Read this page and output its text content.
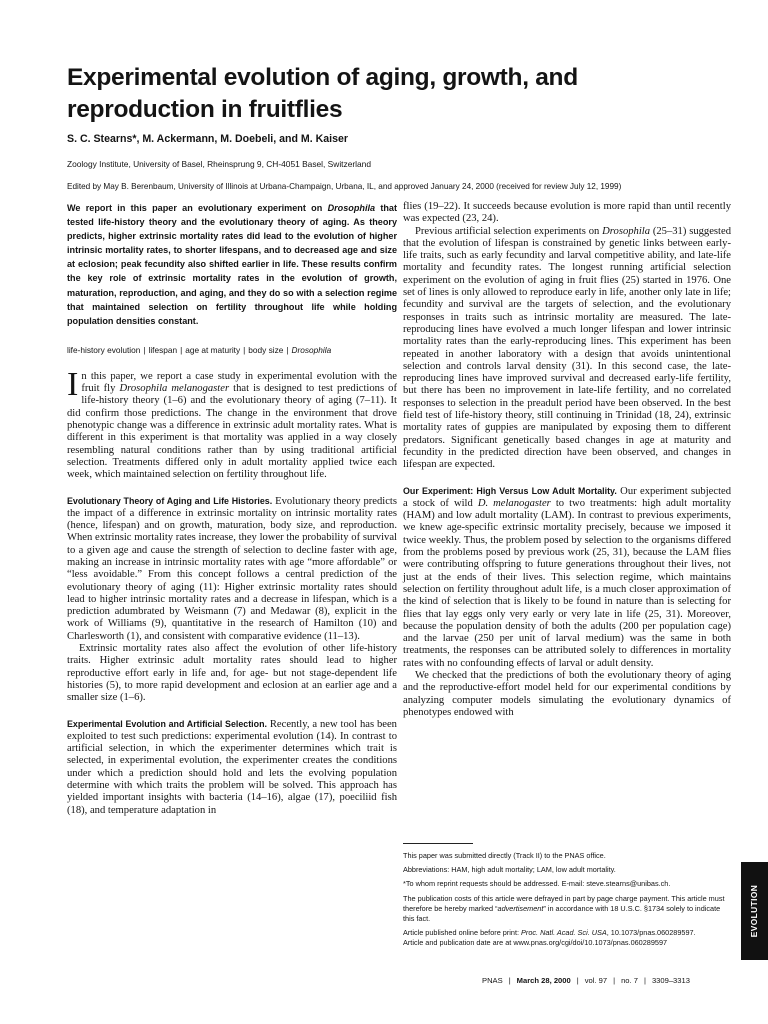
Experimental evolution of aging, growth, and reproduction in fruitflies
S. C. Stearns*, M. Ackermann, M. Doebeli, and M. Kaiser
Zoology Institute, University of Basel, Rheinsprung 9, CH-4051 Basel, Switzerland
Edited by May B. Berenbaum, University of Illinois at Urbana-Champaign, Urbana, IL, and approved January 24, 2000 (received for review July 12, 1999)

We report in this paper an evolutionary experiment on Drosophila that tested life-history theory and the evolutionary theory of aging. As theory predicts, higher extrinsic mortality rates did lead to the evolution of higher intrinsic mortality rates, to shorter lifespans, and to decreased age and size at eclosion; peak fecundity also shifted earlier in life. These results confirm the key role of extrinsic mortality rates in the evolution of growth, maturation, reproduction, and aging, and they do so with a selection regime that maintained selection on fertility throughout life while holding population densities constant.

life-history evolution | lifespan | age at maturity | body size | Drosophila

In this paper, we report a case study in experimental evolution with the fruit fly Drosophila melanogaster that is designed to test predictions of life-history theory (1–6) and the evolutionary theory of aging (7–11). It did confirm those predictions. The change in the environment that drove phenotypic change was a difference in extrinsic adult mortality rates. What is different in this experiment is that mortality was applied in a way closely resembling natural conditions rather than by using traditional artificial selection. Treatments differed only in adult mortality applied twice each week, which maintained selection on fertility throughout life.

Evolutionary Theory of Aging and Life Histories. Evolutionary theory predicts the impact of a difference in extrinsic mortality on intrinsic mortality rates (hence, lifespan) and on growth, maturation, body size, and reproduction. When extrinsic mortality rates increase, they lower the probability of survival to a given age and cause the strength of selection to decline faster with age, making an increase in intrinsic mortality rates with age “more affordable” or “less avoidable.” From this concept follows a central prediction of the evolutionary theory of aging (11): Higher extrinsic mortality rates should lead to higher intrinsic mortality rates and a decrease in lifespan, which is a prediction adumbrated by Weismann (7) and Medawar (8), explicit in the work of Williams (9), quantitative in the research of Hamilton (10) and Charlesworth (1), and consistent with comparative evidence (11–13).

Extrinsic mortality rates also affect the evolution of other life-history traits. Higher extrinsic adult mortality rates should lead to higher reproductive effort early in life and, for age- but not stage-dependent life histories (5), to more rapid development and eclosion at an earlier age and a smaller size (1–6).

Experimental Evolution and Artificial Selection. Recently, a new tool has been exploited to test such predictions: experimental evolution (14). In contrast to artificial selection, in which the experimenter determines which trait is selected, in experimental evolution, the experimenter creates the conditions under which a prediction should hold and lets the evolving population determine with which traits the problem will be solved. This approach has yielded important insights with bacteria (14–16), algae (17), poeciliid fish (18), and temperature adaptation in

flies (19–22). It succeeds because evolution is more rapid than until recently was expected (23, 24).

Previous artificial selection experiments on Drosophila (25–31) suggested that the evolution of lifespan is constrained by genetic links between early-life traits, such as early fecundity and larval competitive ability, and late-life mortality and fecundity rates. The longest running artificial selection experiment on the evolution of aging in fruit flies (25) started in 1976. One set of lines is only allowed to reproduce early in life, another only late in life; fecundity and survival are the targets of selection, and the evolutionary responses in traits such as intrinsic mortality are measured. The late-reproducing lines have evolved a much longer lifespan and lower intrinsic mortality rates than the early-reproducing lines. This experiment has been repeated in another laboratory with a design that avoids unintentional selection and controls larval density (31). In this second case, the late-reproducing lines have improved survival and decreased early-life fertility, but there has been no improvement in late-life fertility, and no correlated responses to selection in the preadult period have been observed. In the best field test of life-history theory, still continuing in Trinidad (18, 24), extrinsic mortality rates of guppies are manipulated by exposing them to different predators. Significant genetically based changes in age at maturity and fecundity in the predicted direction have been observed, and changes in lifespan are expected.

Our Experiment: High Versus Low Adult Mortality. Our experiment subjected a stock of wild D. melanogaster to two treatments: high adult mortality (HAM) and low adult mortality (LAM). In contrast to previous experiments, we knew age-specific extrinsic mortality precisely, because we imposed it twice weekly. Thus, the problem posed by selection to the organisms differed from the problems posed by previous work (25, 31), because the LAM flies were contributing offspring to future generations throughout their lives, not just at the ends of their lives. This selection regime, which maintains selection on fertility throughout adult life, is a much closer approximation of the kind of selection that is likely to be found in nature than is selecting for flies that lay eggs only very early or very late in life (25, 31). Moreover, because the population density of both the adults (200 per population cage) and the larvae (250 per unit of larval medium) was the same in both treatments, the responses can be attributed solely to differences in mortality rates with no confounding effects of larval or adult density.

We checked that the predictions of both the evolutionary theory of aging and the reproductive-effort model held for our experimental conditions by analyzing computer models simulating the evolutionary dynamics of phenotypes endowed with

This paper was submitted directly (Track II) to the PNAS office.
Abbreviations: HAM, high adult mortality; LAM, low adult mortality.
*To whom reprint requests should be addressed. E-mail: steve.stearns@unibas.ch.
The publication costs of this article were defrayed in part by page charge payment. This article must therefore be hereby marked “advertisement” in accordance with 18 U.S.C. §1734 solely to indicate this fact.
Article published online before print: Proc. Natl. Acad. Sci. USA, 10.1073/pnas.060289597.
Article and publication date are at www.pnas.org/cgi/doi/10.1073/pnas.060289597
PNAS | March 28, 2000 | vol. 97 | no. 7 | 3309–3313
EVOLUTION
